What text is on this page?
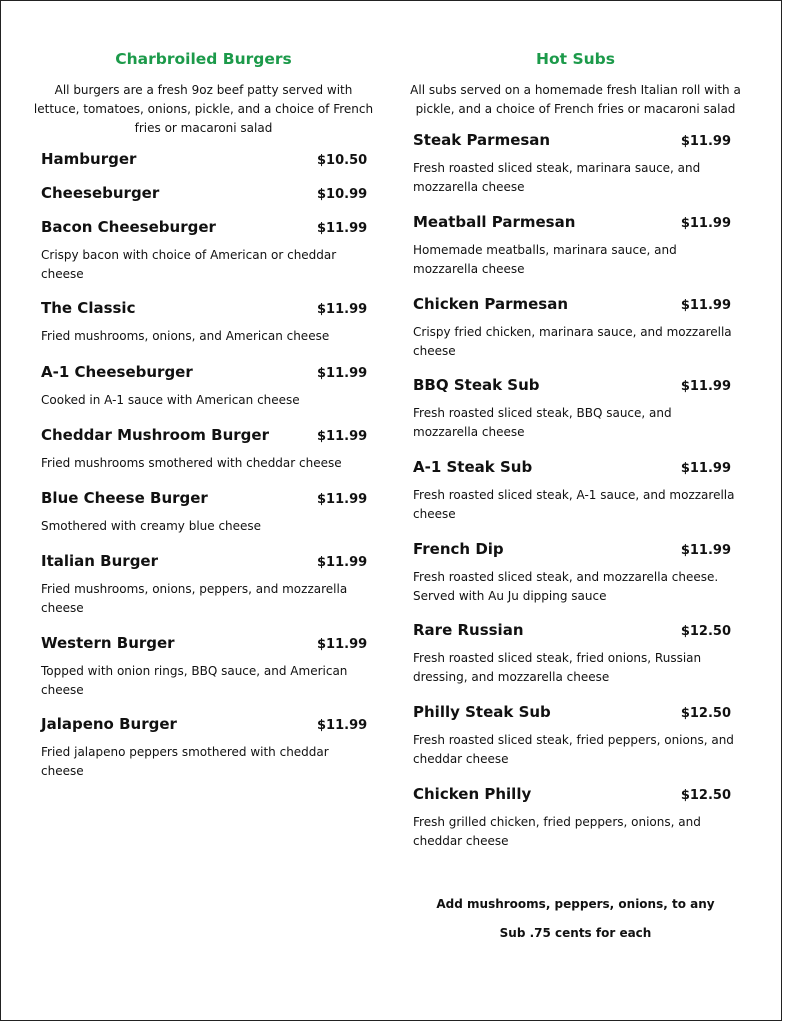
Charbroiled Burgers

All burgers are a fresh 9oz beef patty served with lettuce, tomatoes, onions, pickle, and a choice of French fries or macaroni salad

Hamburger	$10.50
Cheeseburger	$10.99
Bacon Cheeseburger	$11.99
Crispy bacon with choice of American or cheddar cheese
The Classic	$11.99
Fried mushrooms, onions, and American cheese
A-1 Cheeseburger	$11.99
Cooked in A-1 sauce with American cheese
Cheddar Mushroom Burger	$11.99
Fried mushrooms smothered with cheddar cheese
Blue Cheese Burger	$11.99
Smothered with creamy blue cheese
Italian Burger	$11.99
Fried mushrooms, onions, peppers, and mozzarella cheese
Western Burger	$11.99
Topped with onion rings, BBQ sauce, and American cheese
Jalapeno Burger	$11.99
Fried jalapeno peppers smothered with cheddar cheese
Hot Subs

All subs served on a homemade fresh Italian roll with a pickle, and a choice of French fries or macaroni salad

Steak Parmesan	$11.99
Fresh roasted sliced steak, marinara sauce, and mozzarella cheese
Meatball Parmesan	$11.99
Homemade meatballs, marinara sauce, and mozzarella cheese
Chicken Parmesan	$11.99
Crispy fried chicken, marinara sauce, and mozzarella cheese
BBQ Steak Sub	$11.99
Fresh roasted sliced steak, BBQ sauce, and mozzarella cheese
A-1 Steak Sub	$11.99
Fresh roasted sliced steak, A-1 sauce, and mozzarella cheese
French Dip	$11.99
Fresh roasted sliced steak, and mozzarella cheese. Served with Au Ju dipping sauce
Rare Russian	$12.50
Fresh roasted sliced steak, fried onions, Russian dressing, and mozzarella cheese
Philly Steak Sub	$12.50
Fresh roasted sliced steak, fried peppers, onions, and cheddar cheese
Chicken Philly	$12.50
Fresh grilled chicken, fried peppers, onions, and cheddar cheese
Add mushrooms, peppers, onions, to any
Sub .75 cents for each
